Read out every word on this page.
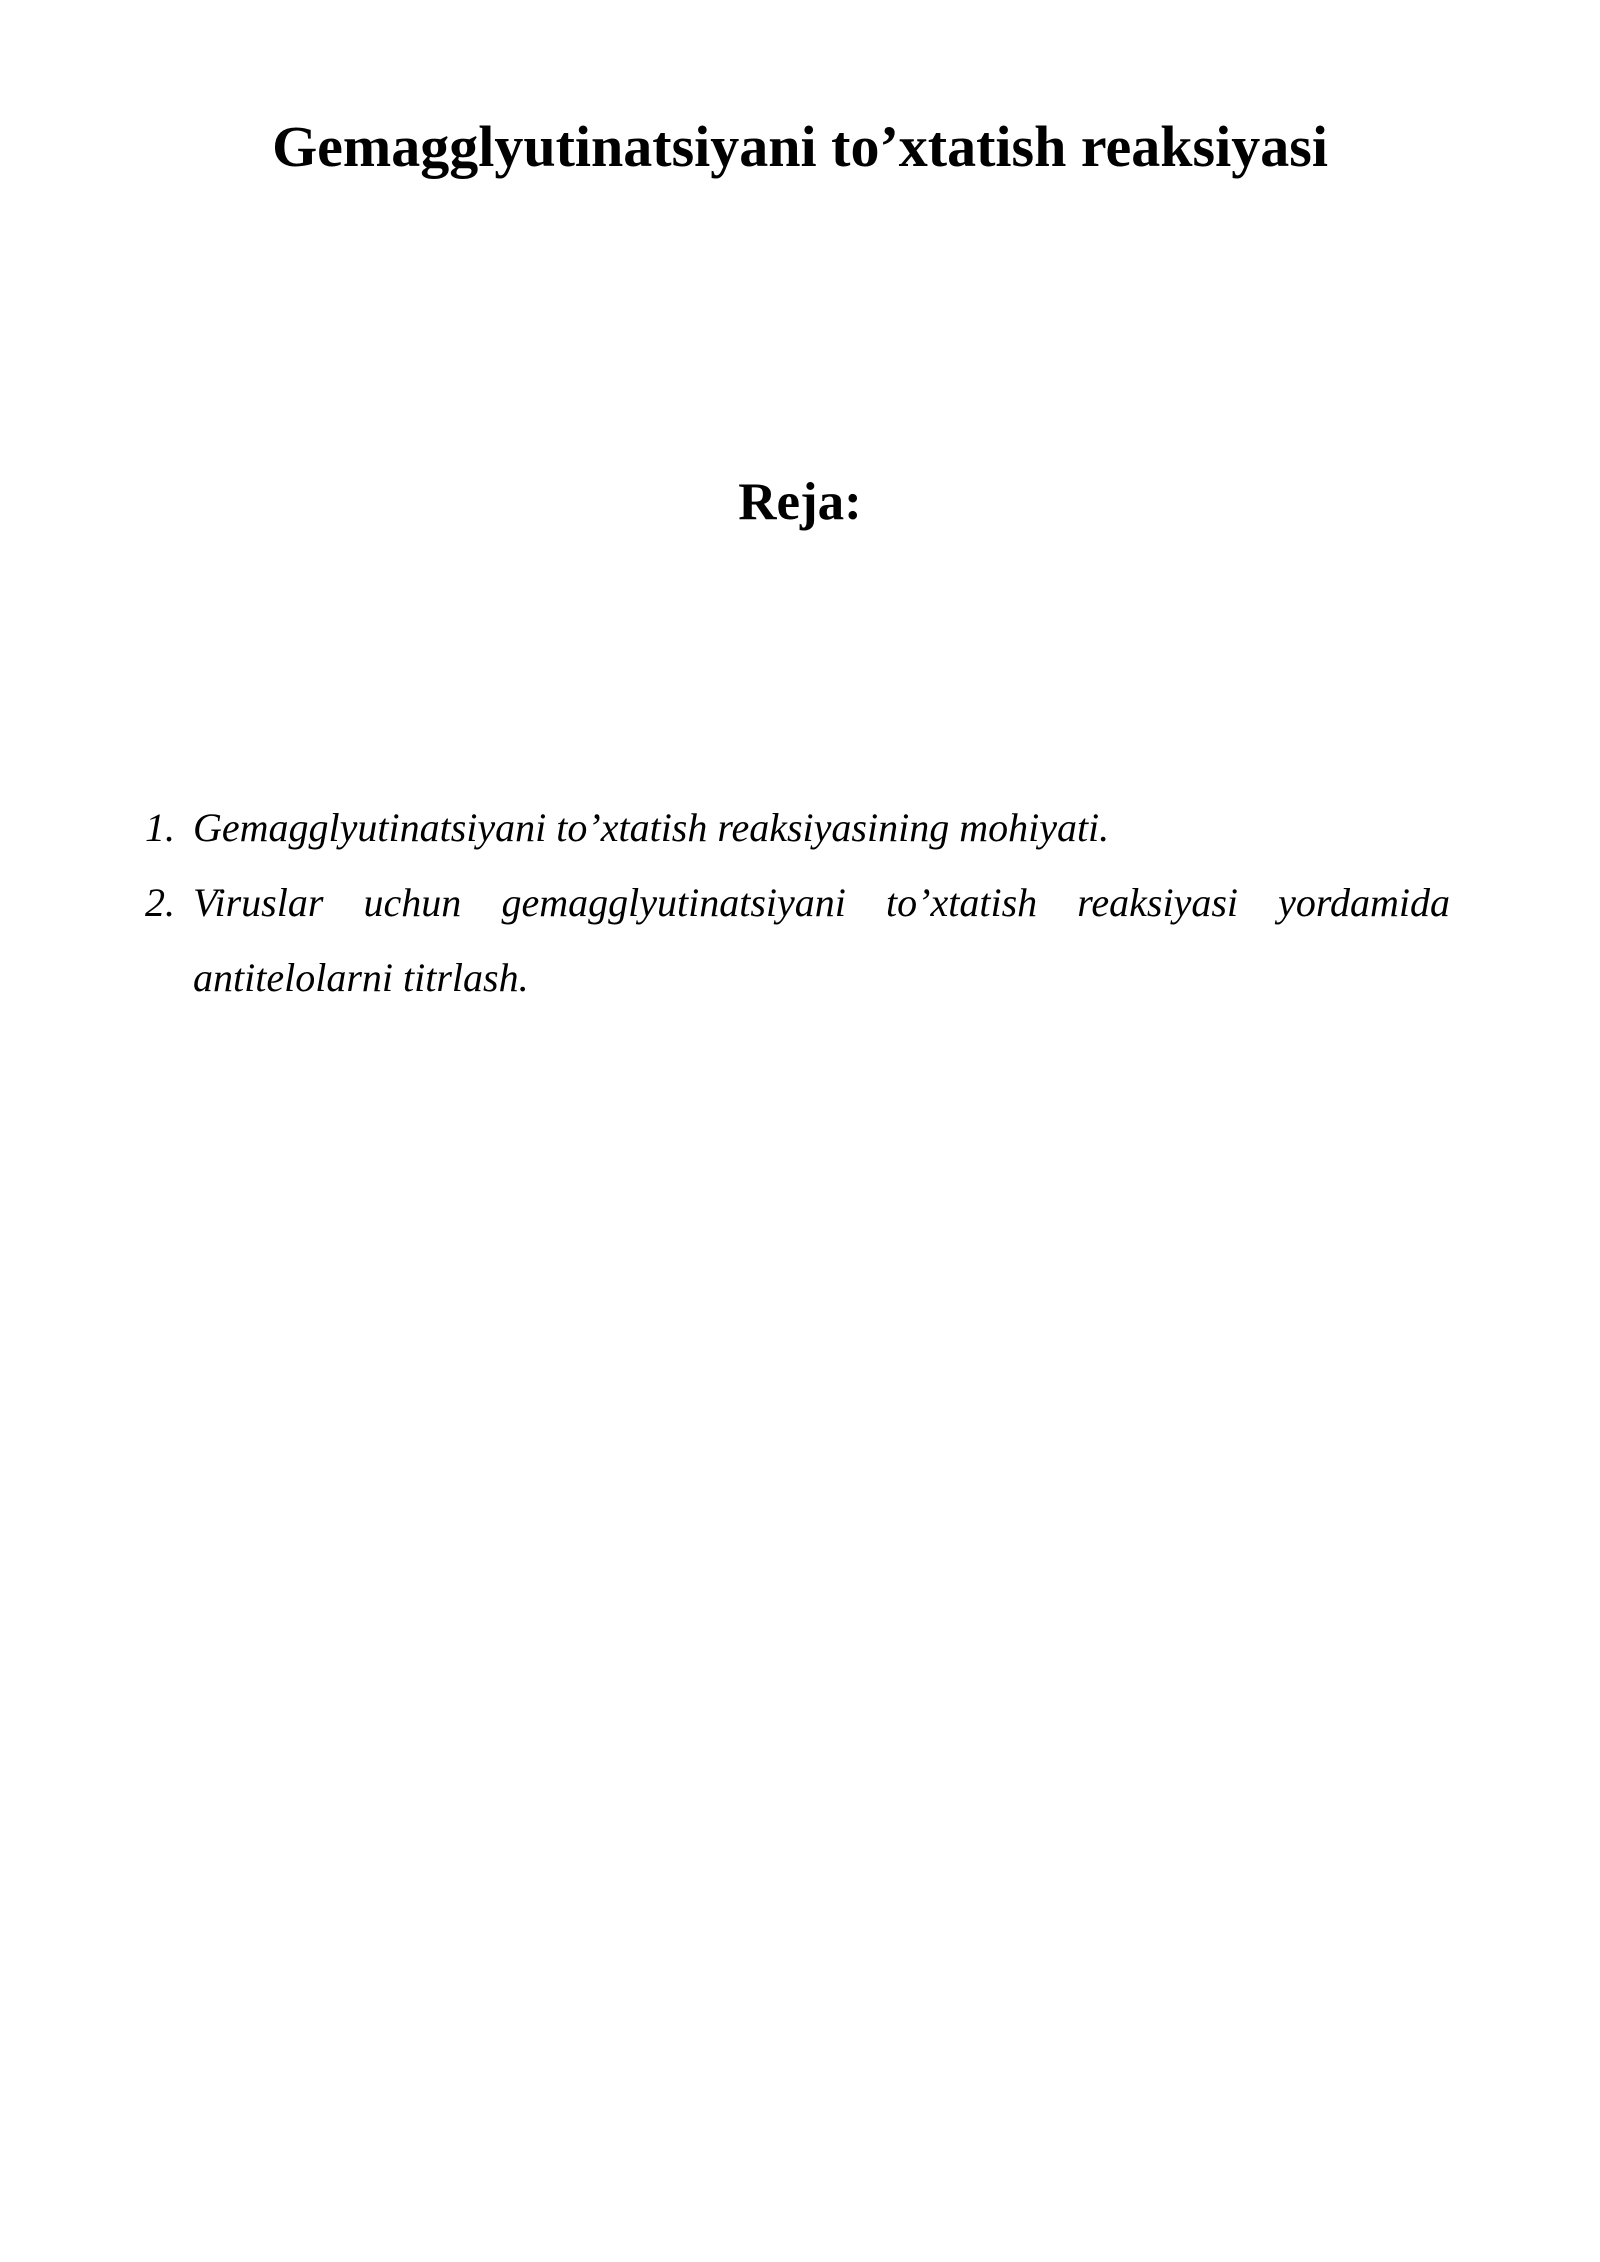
Gemagglyutinatsiyani to’xtatish reaksiyasi
Reja:
1. Gemagglyutinatsiyani to’xtatish reaksiyasining mohiyati.
2. Viruslar uchun gemagglyutinatsiyani to’xtatish reaksiyasi yordamida antitelolarni titrlash.
